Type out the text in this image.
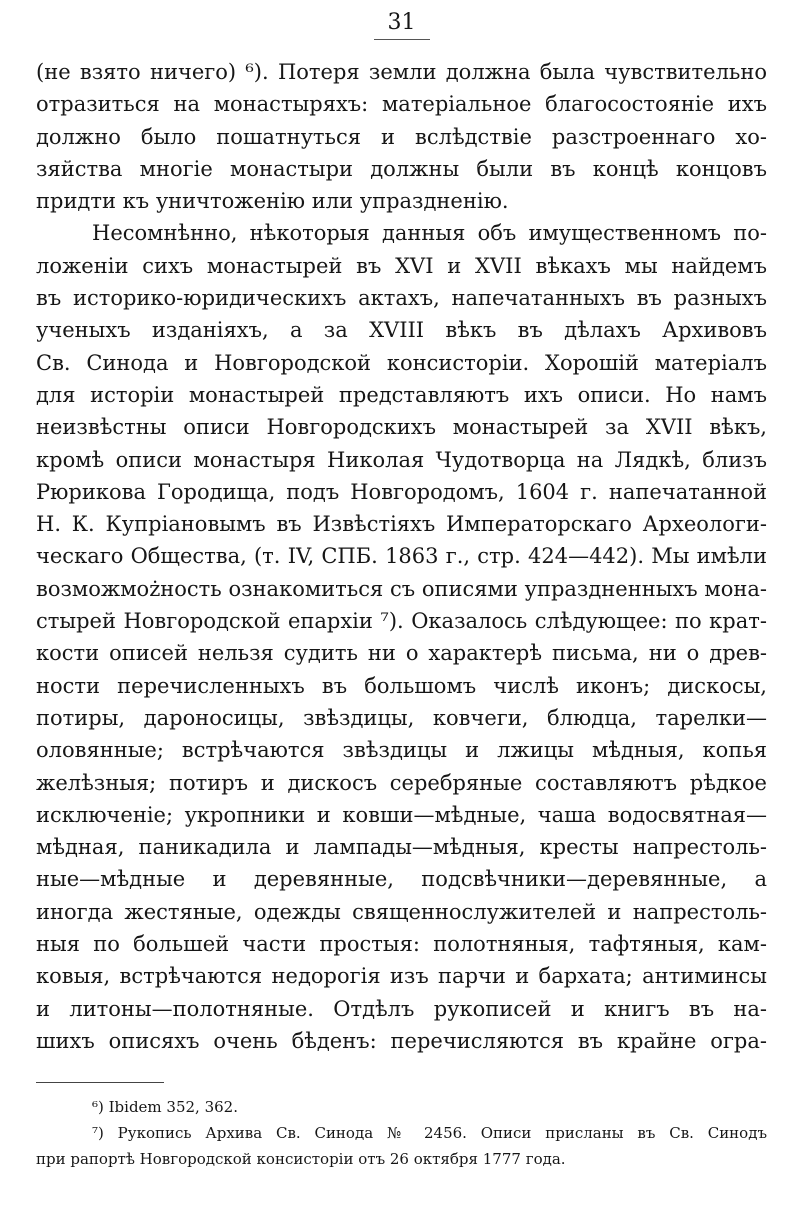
31
(не взято ничего) ⁶). Потеря земли должна была чувствительно
отразиться на монастыряхъ: матеріальное благосостояніе ихъ
должно было пошатнуться и вслѣдствіе разстроеннаго хо-
зяйства многіе монастыри должны были въ концѣ концовъ
придти къ уничтоженію или упраздненію.
Несомнѣнно, нѣкоторыя данныя объ имущественномъ по-
ложеніи сихъ монастырей въ XVI и XVII вѣкахъ мы найдемъ
въ историко-юридическихъ актахъ, напечатанныхъ въ разныхъ
ученыхъ изданіяхъ, а за XVIII вѣкъ въ дѣлахъ Архивовъ
Св. Синода и Новгородской консисторіи. Хорошій матеріалъ
для исторіи монастырей представляютъ ихъ описи. Но намъ
неизвѣстны описи Новгородскихъ монастырей за XVII вѣкъ,
кромѣ описи монастыря Николая Чудотворца на Лядкѣ, близъ
Рюрикова Городища, подъ Новгородомъ, 1604 г. напечатанной
Н. К. Купріановымъ въ Извѣстіяхъ Императорскаго Археологи-
ческаго Общества, (т. IV, СПБ. 1863 г., стр. 424—442). Мы имѣли
возможмożность ознакомиться съ описями упраздненныхъ мона-
стырей Новгородской епархіи ⁷). Оказалось слѣдующее: по крат-
кости описей нельзя судить ни о характерѣ письма, ни о древ-
ности перечисленныхъ въ большомъ числѣ иконъ; дискосы,
потиры, дароносицы, звѣздицы, ковчеги, блюдца, тарелки—
оловянные; встрѣчаются звѣздицы и лжицы мѣдныя, копья
желѣзныя; потиръ и дискосъ серебряные составляютъ рѣдкое
исключеніе; укропники и ковши—мѣдные, чаша водосвятная—
мѣдная, паникадила и лампады—мѣдныя, кресты напрестоль-
ные—мѣдные и деревянные, подсвѣчники—деревянные, а
иногда жестяные, одежды священнослужителей и напрестоль-
ныя по большей части простыя: полотняныя, тафтяныя, кам-
ковыя, встрѣчаются недорогія изъ парчи и бархата; антиминсы
и литоны—полотняные. Отдѣлъ рукописей и книгъ въ на-
шихъ описяхъ очень бѣденъ: перечисляются въ крайне огра-
⁶) Ibidem 352, 362.
⁷) Рукопись Архива Св. Синода № 2456. Описи присланы въ Св. Синодъ
при рапортѣ Новгородской консисторіи отъ 26 октября 1777 года.
